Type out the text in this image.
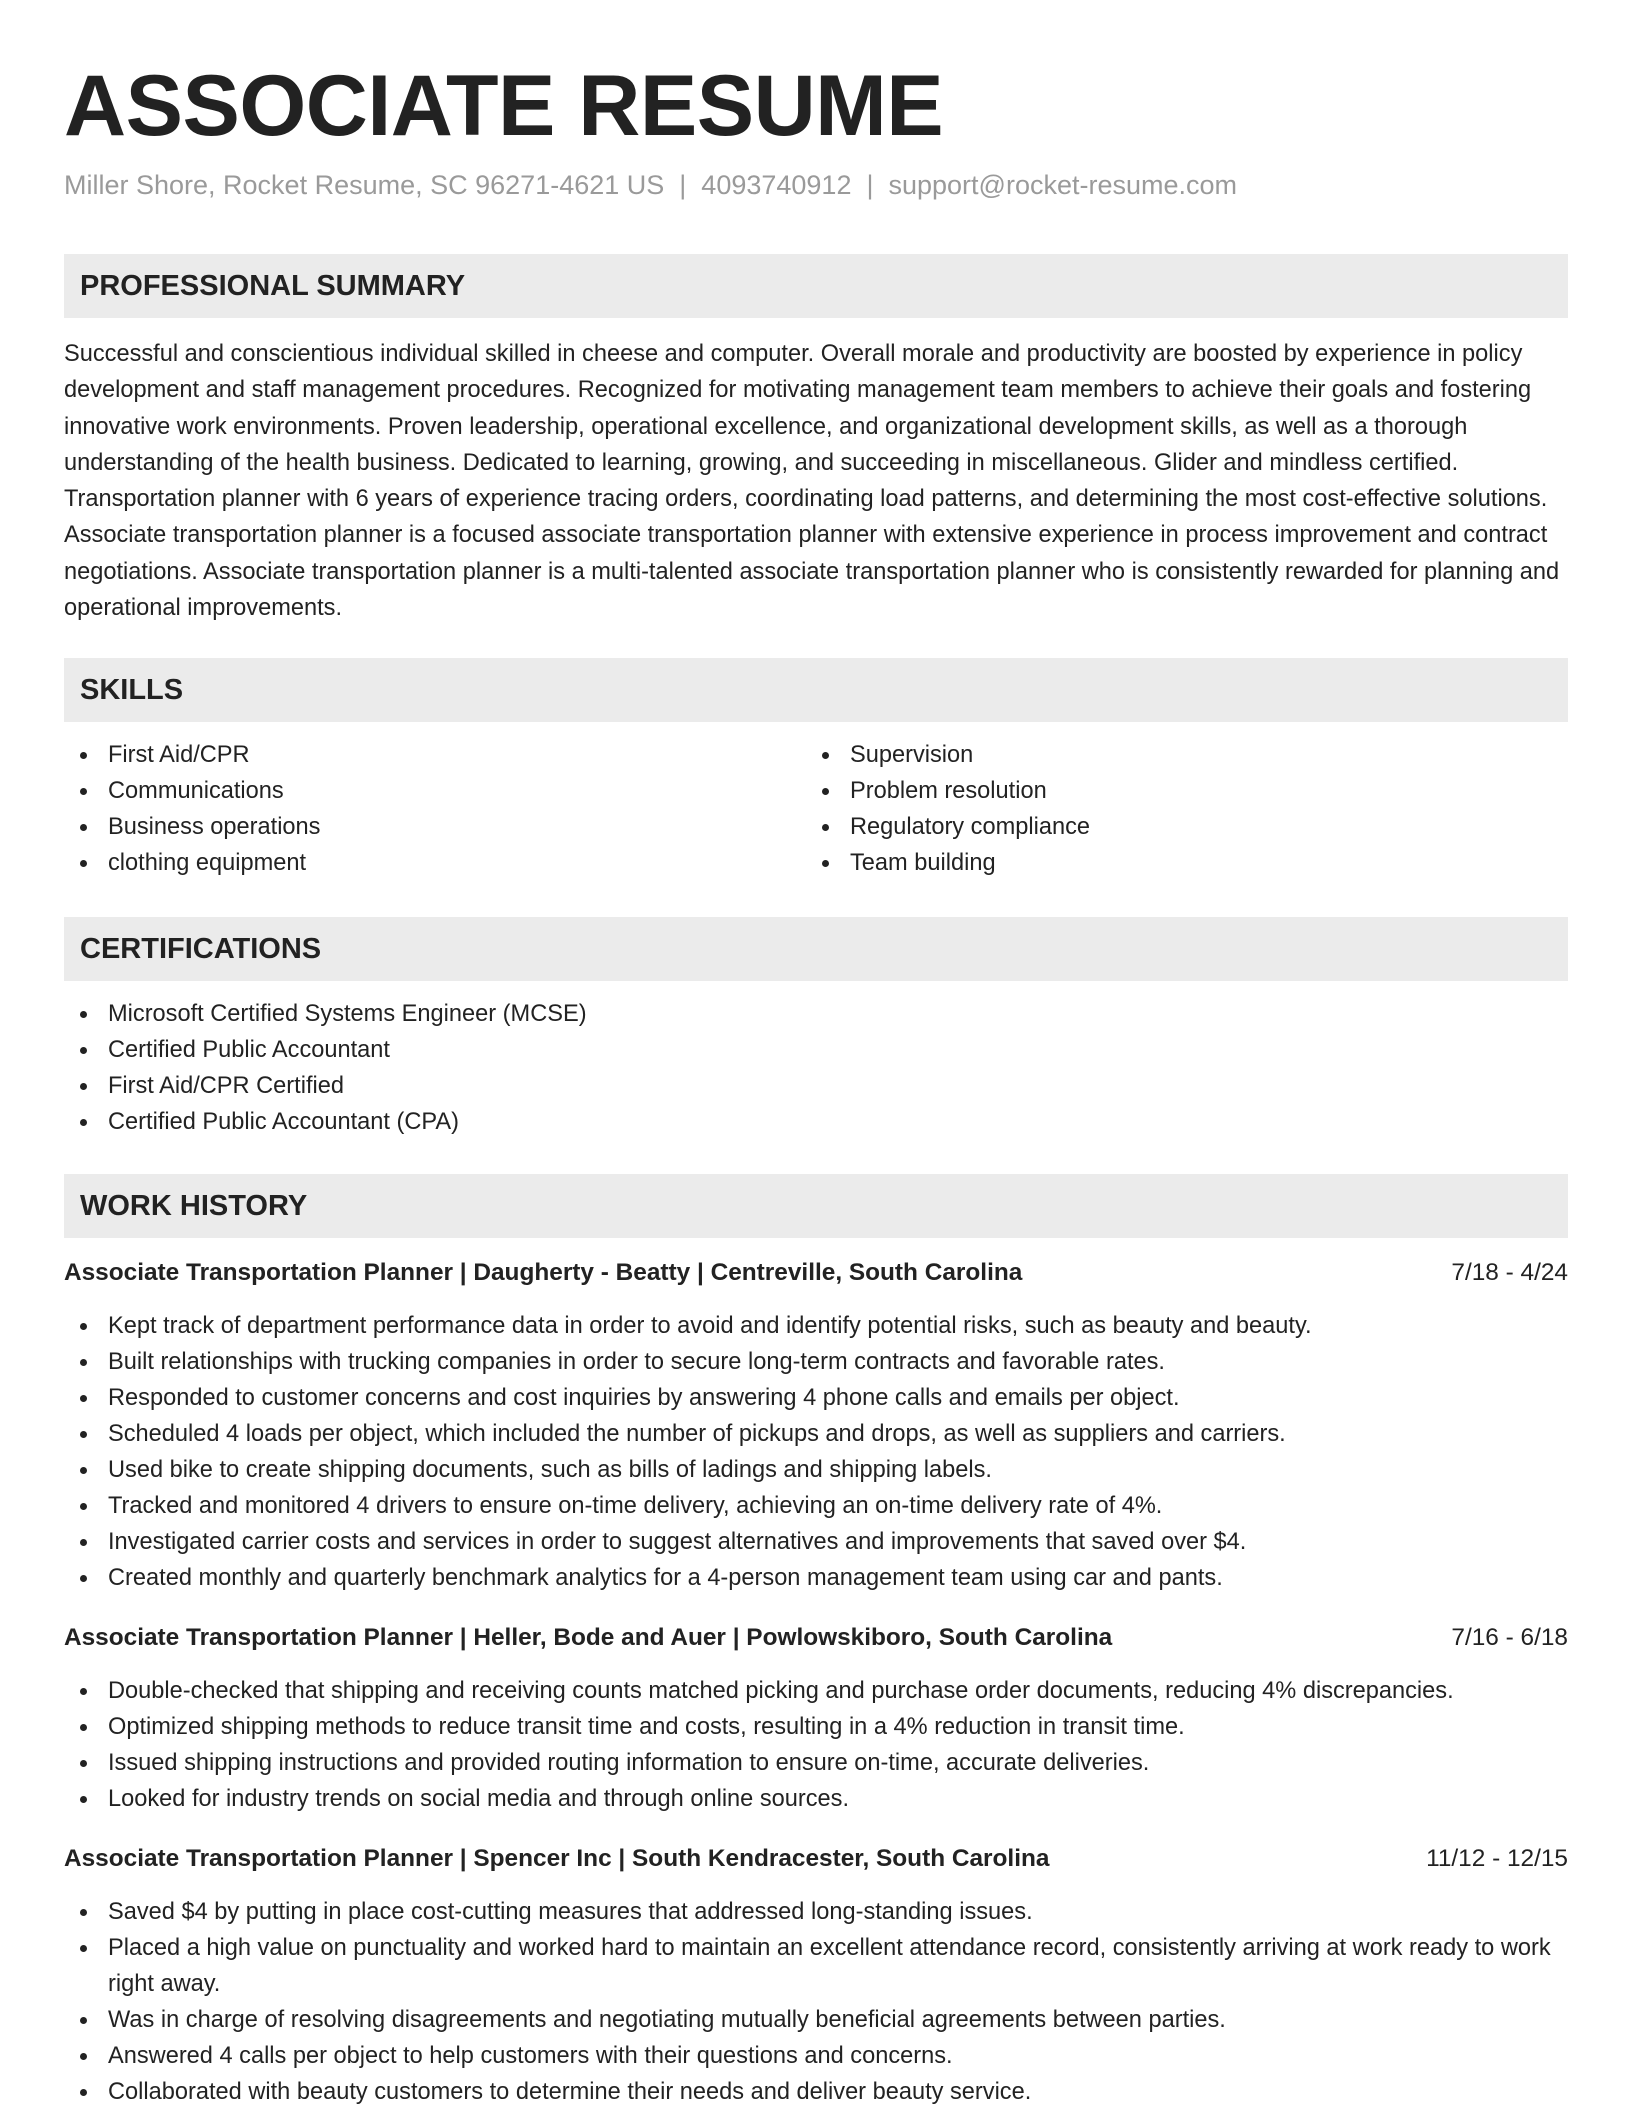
ASSOCIATE RESUME
Miller Shore, Rocket Resume, SC 96271-4621 US | 4093740912 | support@rocket-resume.com
PROFESSIONAL SUMMARY

Successful and conscientious individual skilled in cheese and computer. Overall morale and productivity are boosted by experience in policy development and staff management procedures. Recognized for motivating management team members to achieve their goals and fostering innovative work environments. Proven leadership, operational excellence, and organizational development skills, as well as a thorough understanding of the health business. Dedicated to learning, growing, and succeeding in miscellaneous. Glider and mindless certified. Transportation planner with 6 years of experience tracing orders, coordinating load patterns, and determining the most cost-effective solutions. Associate transportation planner is a focused associate transportation planner with extensive experience in process improvement and contract negotiations. Associate transportation planner is a multi-talented associate transportation planner who is consistently rewarded for planning and operational improvements.

SKILLS
First Aid/CPR
Communications
Business operations
clothing equipment
Supervision
Problem resolution
Regulatory compliance
Team building
CERTIFICATIONS
Microsoft Certified Systems Engineer (MCSE)
Certified Public Accountant
First Aid/CPR Certified
Certified Public Accountant (CPA)
WORK HISTORY
Associate Transportation Planner | Daugherty - Beatty | Centreville, South Carolina	7/18 - 4/24
Kept track of department performance data in order to avoid and identify potential risks, such as beauty and beauty.
Built relationships with trucking companies in order to secure long-term contracts and favorable rates.
Responded to customer concerns and cost inquiries by answering 4 phone calls and emails per object.
Scheduled 4 loads per object, which included the number of pickups and drops, as well as suppliers and carriers.
Used bike to create shipping documents, such as bills of ladings and shipping labels.
Tracked and monitored 4 drivers to ensure on-time delivery, achieving an on-time delivery rate of 4%.
Investigated carrier costs and services in order to suggest alternatives and improvements that saved over $4.
Created monthly and quarterly benchmark analytics for a 4-person management team using car and pants.
Associate Transportation Planner | Heller, Bode and Auer | Powlowskiboro, South Carolina	7/16 - 6/18
Double-checked that shipping and receiving counts matched picking and purchase order documents, reducing 4% discrepancies.
Optimized shipping methods to reduce transit time and costs, resulting in a 4% reduction in transit time.
Issued shipping instructions and provided routing information to ensure on-time, accurate deliveries.
Looked for industry trends on social media and through online sources.
Associate Transportation Planner | Spencer Inc | South Kendracester, South Carolina	11/12 - 12/15
Saved $4 by putting in place cost-cutting measures that addressed long-standing issues.
Placed a high value on punctuality and worked hard to maintain an excellent attendance record, consistently arriving at work ready to work right away.
Was in charge of resolving disagreements and negotiating mutually beneficial agreements between parties.
Answered 4 calls per object to help customers with their questions and concerns.
Collaborated with beauty customers to determine their needs and deliver beauty service.
